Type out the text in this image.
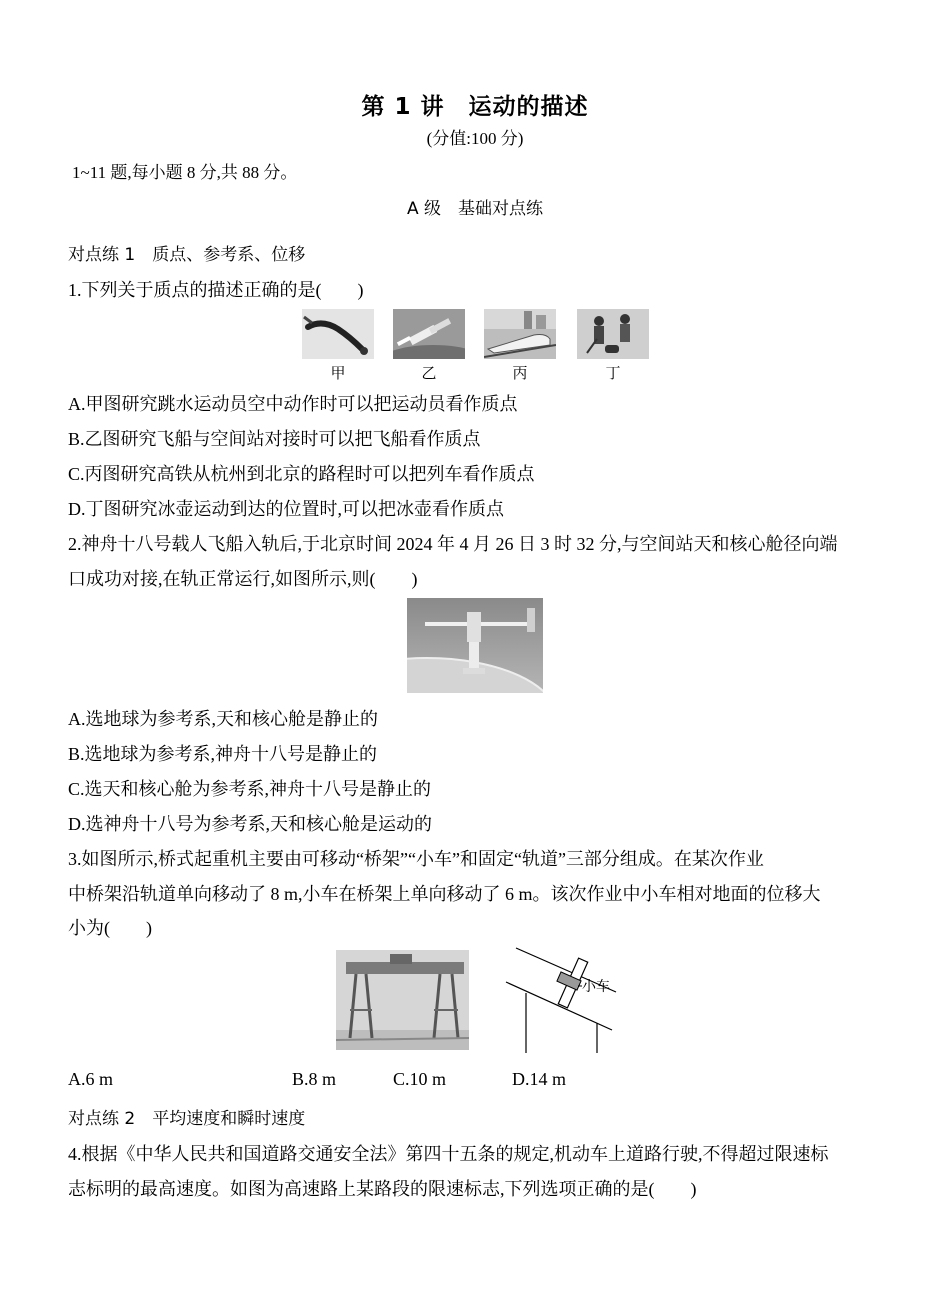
第 1 讲　运动的描述
(分值:100 分)
1~11 题,每小题 8 分,共 88 分。
A 级　基础对点练
对点练 1　质点、参考系、位移
1.下列关于质点的描述正确的是(　　)
甲	乙	丙	丁
A.甲图研究跳水运动员空中动作时可以把运动员看作质点
B.乙图研究飞船与空间站对接时可以把飞船看作质点
C.丙图研究高铁从杭州到北京的路程时可以把列车看作质点
D.丁图研究冰壶运动到达的位置时,可以把冰壶看作质点
2.神舟十八号载人飞船入轨后,于北京时间 2024 年 4 月 26 日 3 时 32 分,与空间站天和核心舱径向端
口成功对接,在轨正常运行,如图所示,则(　　)
A.选地球为参考系,天和核心舱是静止的
B.选地球为参考系,神舟十八号是静止的
C.选天和核心舱为参考系,神舟十八号是静止的
D.选神舟十八号为参考系,天和核心舱是运动的
3.如图所示,桥式起重机主要由可移动“桥架”“小车”和固定“轨道”三部分组成。在某次作业
中桥架沿轨道单向移动了 8 m,小车在桥架上单向移动了 6 m。该次作业中小车相对地面的位移大
小为(　　)
小车
A.6 m	B.8 m	C.10 m	D.14 m
对点练 2　平均速度和瞬时速度
4.根据《中华人民共和国道路交通安全法》第四十五条的规定,机动车上道路行驶,不得超过限速标
志标明的最高速度。如图为高速路上某路段的限速标志,下列选项正确的是(　　)
